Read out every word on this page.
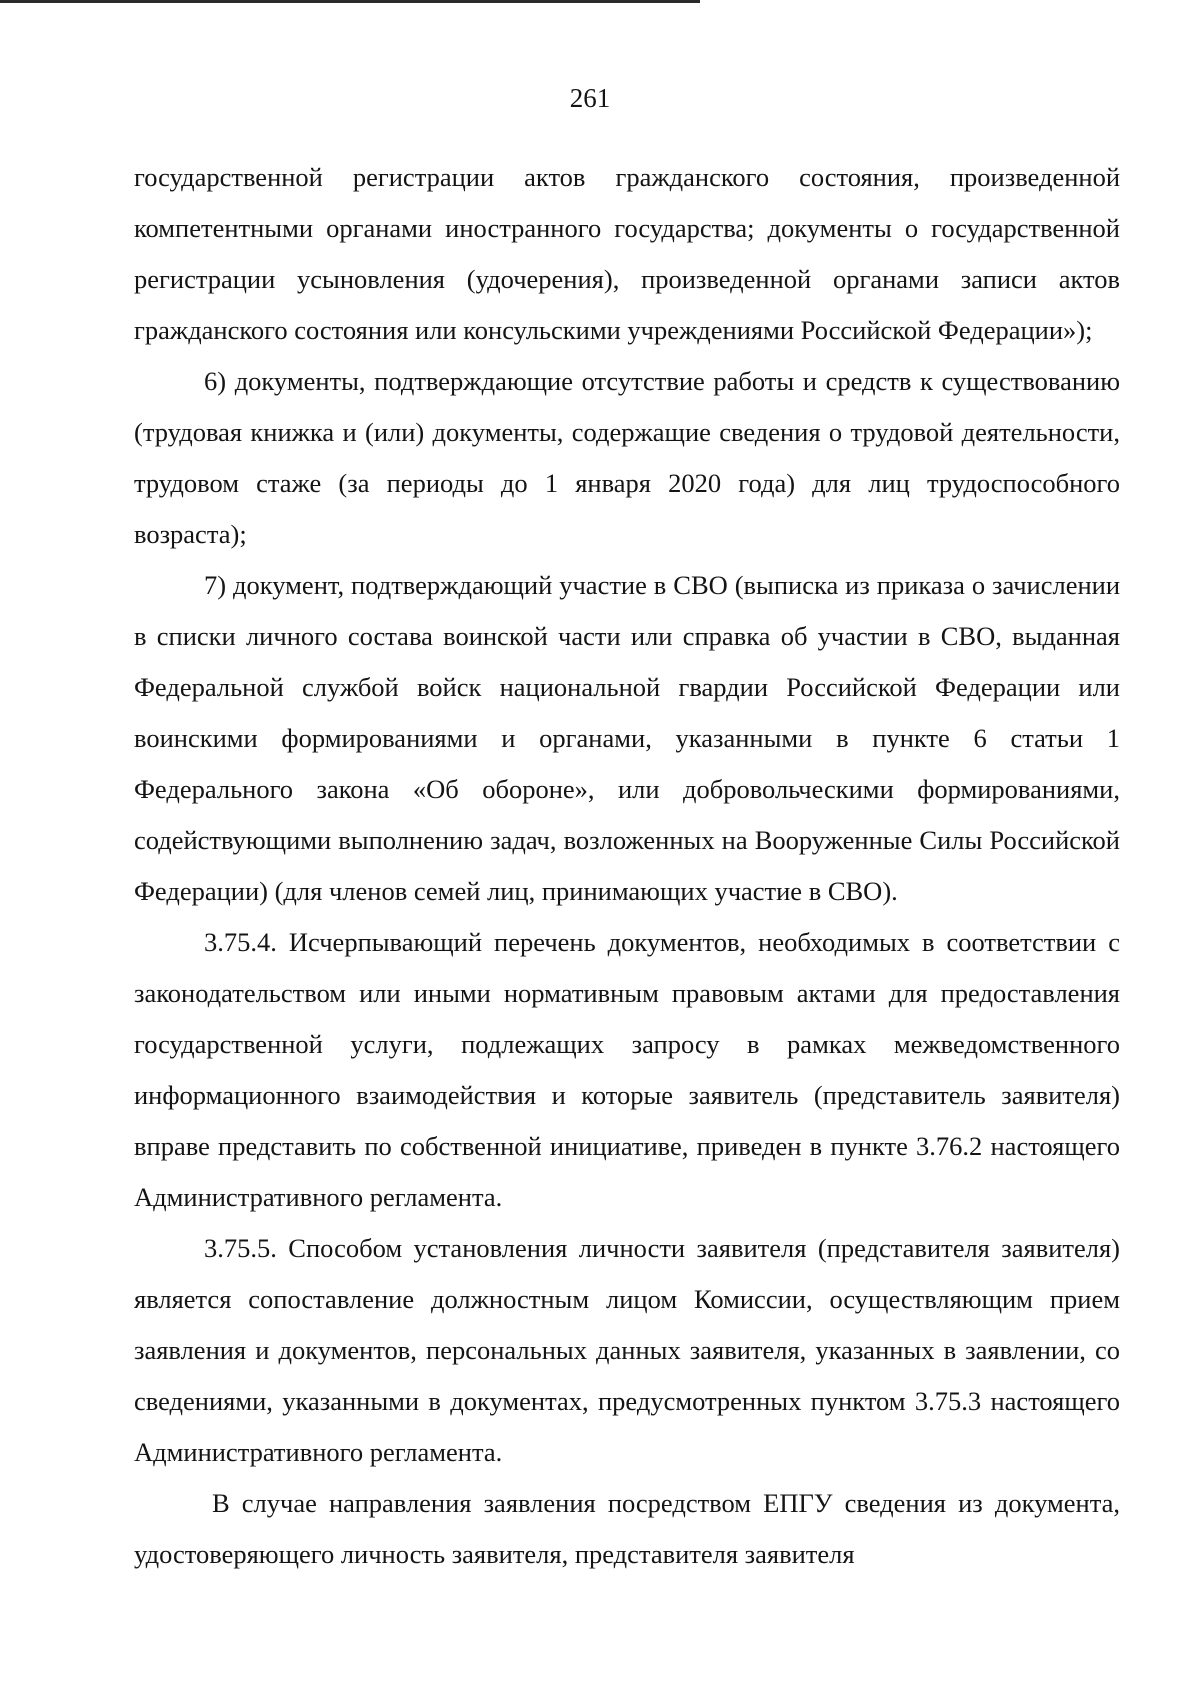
261

государственной регистрации актов гражданского состояния, произведенной компетентными органами иностранного государства; документы о государственной регистрации усыновления (удочерения), произведенной органами записи актов гражданского состояния или консульскими учреждениями Российской Федерации»);

6) документы, подтверждающие отсутствие работы и средств к существованию (трудовая книжка и (или) документы, содержащие сведения о трудовой деятельности, трудовом стаже (за периоды до 1 января 2020 года) для лиц трудоспособного возраста);

7) документ, подтверждающий участие в СВО (выписка из приказа о зачислении в списки личного состава воинской части или справка об участии в СВО, выданная Федеральной службой войск национальной гвардии Российской Федерации или воинскими формированиями и органами, указанными в пункте 6 статьи 1 Федерального закона «Об обороне», или добровольческими формированиями, содействующими выполнению задач, возложенных на Вооруженные Силы Российской Федерации) (для членов семей лиц, принимающих участие в СВО).

3.75.4. Исчерпывающий перечень документов, необходимых в соответствии с законодательством или иными нормативным правовым актами для предоставления государственной услуги, подлежащих запросу в рамках межведомственного информационного взаимодействия и которые заявитель (представитель заявителя) вправе представить по собственной инициативе, приведен в пункте 3.76.2 настоящего Административного регламента.

3.75.5. Способом установления личности заявителя (представителя заявителя) является сопоставление должностным лицом Комиссии, осуществляющим прием заявления и документов, персональных данных заявителя, указанных в заявлении, со сведениями, указанными в документах, предусмотренных пунктом 3.75.3 настоящего Административного регламента.

В случае направления заявления посредством ЕПГУ сведения из документа, удостоверяющего личность заявителя, представителя заявителя
